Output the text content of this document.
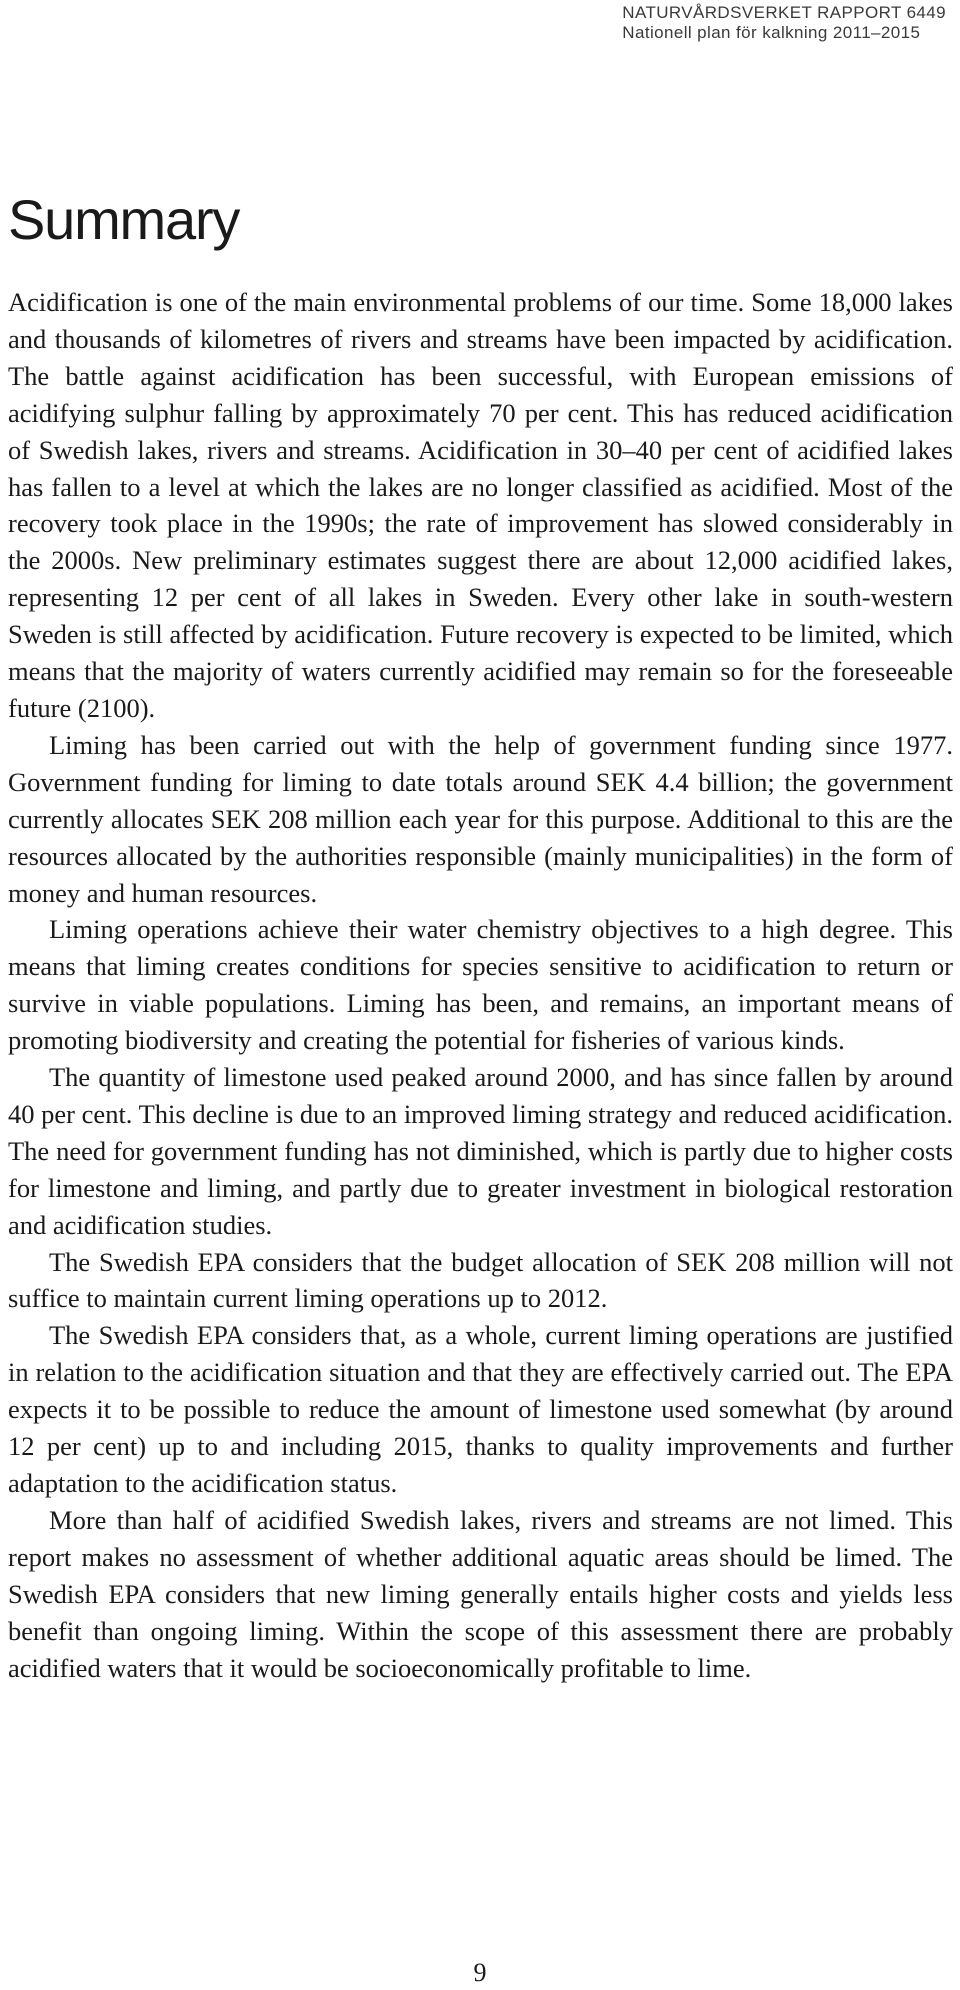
NATURVÅRDSVERKET RAPPORT 6449
Nationell plan för kalkning 2011–2015
Summary

Acidification is one of the main environmental problems of our time. Some 18,000 lakes and thousands of kilometres of rivers and streams have been impacted by acidification. The battle against acidification has been successful, with European emissions of acidifying sulphur falling by approximately 70 per cent. This has reduced acidification of Swedish lakes, rivers and streams. Acidification in 30–40 per cent of acidified lakes has fallen to a level at which the lakes are no longer classified as acidified. Most of the recovery took place in the 1990s; the rate of improvement has slowed considerably in the 2000s. New preliminary estimates suggest there are about 12,000 acidified lakes, representing 12 per cent of all lakes in Sweden. Every other lake in south-western Sweden is still affected by acidification. Future recovery is expected to be limited, which means that the majority of waters currently acidified may remain so for the foreseeable future (2100).

Liming has been carried out with the help of government funding since 1977. Government funding for liming to date totals around SEK 4.4 billion; the government currently allocates SEK 208 million each year for this purpose. Additional to this are the resources allocated by the authorities responsible (mainly municipalities) in the form of money and human resources.

Liming operations achieve their water chemistry objectives to a high degree. This means that liming creates conditions for species sensitive to acidification to return or survive in viable populations. Liming has been, and remains, an important means of promoting biodiversity and creating the potential for fisheries of various kinds.

The quantity of limestone used peaked around 2000, and has since fallen by around 40 per cent. This decline is due to an improved liming strategy and reduced acidification. The need for government funding has not diminished, which is partly due to higher costs for limestone and liming, and partly due to greater investment in biological restoration and acidification studies.

The Swedish EPA considers that the budget allocation of SEK 208 million will not suffice to maintain current liming operations up to 2012.

The Swedish EPA considers that, as a whole, current liming operations are justified in relation to the acidification situation and that they are effectively carried out. The EPA expects it to be possible to reduce the amount of limestone used somewhat (by around 12 per cent) up to and including 2015, thanks to quality improvements and further adaptation to the acidification status.

More than half of acidified Swedish lakes, rivers and streams are not limed. This report makes no assessment of whether additional aquatic areas should be limed. The Swedish EPA considers that new liming generally entails higher costs and yields less benefit than ongoing liming. Within the scope of this assessment there are probably acidified waters that it would be socioeconomically profitable to lime.

9
